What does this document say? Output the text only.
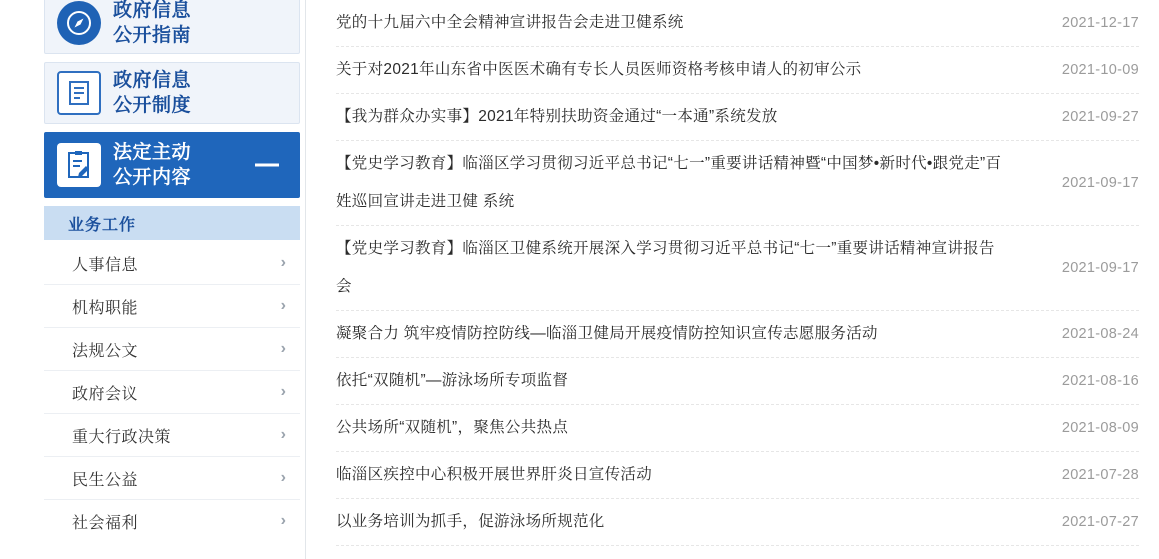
政府信息
公开指南
政府信息
公开制度
法定主动
公开内容
业务工作
人事信息	›
机构职能	›
法规公文	›
政府会议	›
重大行政决策	›
民生公益	›
社会福利	›
党的十九届六中全会精神宣讲报告会走进卫健系统	2021-12-17
关于对2021年山东省中医医术确有专长人员医师资格考核申请人的初审公示	2021-10-09
【我为群众办实事】2021年特别扶助资金通过“一本通”系统发放	2021-09-27
【党史学习教育】临淄区学习贯彻习近平总书记“七一”重要讲话精神暨“中国梦•新时代•跟党走”百姓巡回宣讲走进卫健 系统
2021-09-17
【党史学习教育】临淄区卫健系统开展深入学习贯彻习近平总书记“七一”重要讲话精神宣讲报告会
2021-09-17
凝聚合力 筑牢疫情防控防线—临淄卫健局开展疫情防控知识宣传志愿服务活动	2021-08-24
依托“双随机”—游泳场所专项监督	2021-08-16
公共场所“双随机”，聚焦公共热点	2021-08-09
临淄区疾控中心积极开展世界肝炎日宣传活动	2021-07-28
以业务培训为抓手，促游泳场所规范化	2021-07-27
